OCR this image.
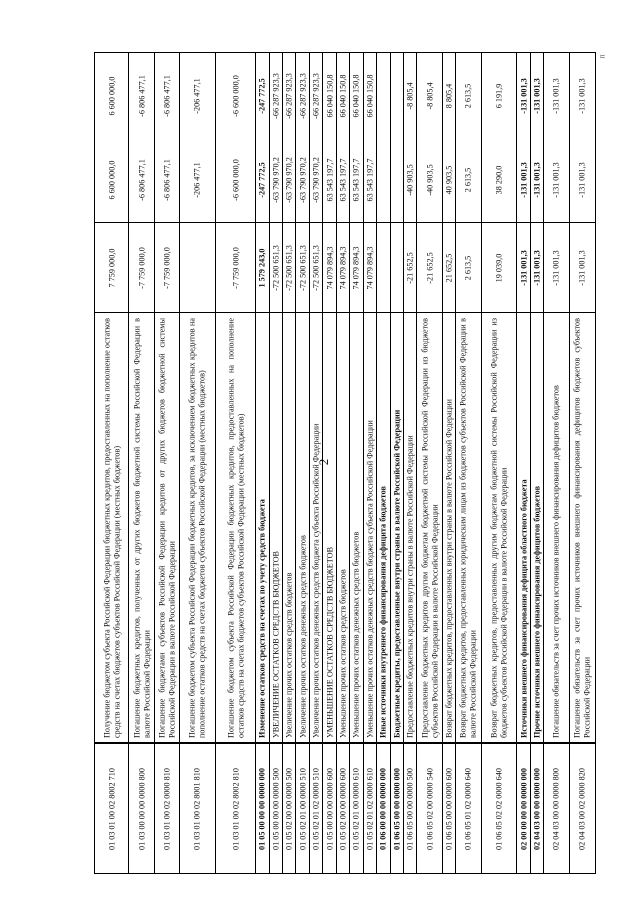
2
п
01 03 01 00 02 8002 710
Получение бюджетом субъекта Российской Федерации бюджетных кредитов, предоставленных на пополнение остатков средств на счетах бюджетов субъектов Российской Федерации (местных бюджетов)
7 759 000,0
6 600 000,0
6 600 000,0
01 03 00 00 00 0000 800
Погашение бюджетных кредитов, полученных от других бюджетов бюджетной системы Российской Федерации в валюте Российской Федерации
-7 759 000,0
-6 806 477,1
-6 806 477,1
01 03 01 00 02 0000 810
Погашение бюджетами субъектов Российской Федерации кредитов от других бюджетов бюджетной системы Российской Федерации в валюте Российской Федерации
-7 759 000,0
-6 806 477,1
-6 806 477,1
01 03 01 00 02 8001 810
Погашение бюджетом субъекта Российской Федерации бюджетных кредитов, за исключением бюджетных кредитов на пополнение остатков средств на счетах бюджетов субъектов Российской Федерации (местных бюджетов)
-206 477,1
-206 477,1
01 03 01 00 02 8002 810
Погашение бюджетом субъекта Российской Федерации бюджетных кредитов, предоставленных на пополнение остатков средств на счетах бюджетов субъектов Российской Федерации (местных бюджетов)
-7 759 000,0
-6 600 000,0
-6 600 000,0
01 05 00 00 00 0000 000
Изменение остатков средств на счетах по учету средств бюджета
1 579 243,0
-247 772,5
-247 772,5
01 05 00 00 00 0000 500
УВЕЛИЧЕНИЕ ОСТАТКОВ СРЕДСТВ БЮДЖЕТОВ
-72 500 651,3
-63 790 970,2
-66 287 923,3
01 05 02 00 00 0000 500
Увеличение прочих остатков средств бюджетов
-72 500 651,3
-63 790 970,2
-66 287 923,3
01 05 02 01 00 0000 510
Увеличение прочих остатков денежных средств бюджетов
-72 500 651,3
-63 790 970,2
-66 287 923,3
01 05 02 01 02 0000 510
Увеличение прочих остатков денежных средств бюджета субъекта Российской Федерации
-72 500 651,3
-63 790 970,2
-66 287 923,3
01 05 00 00 00 0000 600
УМЕНЬШЕНИЕ ОСТАТКОВ СРЕДСТВ БЮДЖЕТОВ
74 079 894,3
63 543 197,7
66 040 150,8
01 05 02 00 00 0000 600
Уменьшение прочих остатков средств бюджетов
74 079 894,3
63 543 197,7
66 040 150,8
01 05 02 01 00 0000 610
Уменьшение прочих остатков денежных средств бюджетов
74 079 894,3
63 543 197,7
66 040 150,8
01 05 02 01 02 0000 610
Уменьшение прочих остатков денежных средств бюджета субъекта Российской Федерации
74 079 894,3
63 543 197,7
66 040 150,8
01 06 00 00 00 0000 000
Иные источники внутреннего финансирования дефицита бюджетов
01 06 05 00 00 0000 000
Бюджетные кредиты, предоставленные внутри страны в валюте Российской Федерации
01 06 05 00 00 0000 500
Предоставление бюджетных кредитов внутри страны в валюте Российской Федерации
-21 652,5
-40 903,5
-8 805,4
01 06 05 02 00 0000 540
Предоставление бюджетных кредитов другим бюджетам бюджетной системы Российской Федерации из бюджетов субъектов Российской Федерации в валюте Российской Федерации
-21 652,5
-40 903,5
-8 805,4
01 06 05 00 00 0000 600
Возврат бюджетных кредитов, предоставленных внутри страны в валюте Российской Федерации
21 652,5
40 903,5
8 805,4
01 06 05 01 02 0000 640
Возврат бюджетных кредитов, предоставленных юридическим лицам из бюджетов субъектов Российской Федерации в валюте Российской Федерации
2 613,5
2 613,5
2 613,5
01 06 05 02 02 0000 640
Возврат бюджетных кредитов, предоставленных другим бюджетам бюджетной системы Российской Федерации из бюджетов субъектов Российской Федерации в валюте Российской Федерации
19 039,0
38 290,0
6 191,9
02 00 00 00 00 0000 000
Источники внешнего финансирования дефицита областного бюджета
-131 001,3
-131 001,3
-131 001,3
02 04 03 00 00 0000 000
Прочие источники внешнего финансирования дефицитов бюджетов
-131 001,3
-131 001,3
-131 001,3
02 04 03 00 00 0000 800
Погашение обязательств за счет прочих источников внешнего финансирования дефицитов бюджетов
-131 001,3
-131 001,3
-131 001,3
02 04 03 00 02 0000 820
Погашение обязательств за счет прочих источников внешнего финансирования дефицитов бюджетов субъектов Российской Федерации
-131 001,3
-131 001,3
-131 001,3
